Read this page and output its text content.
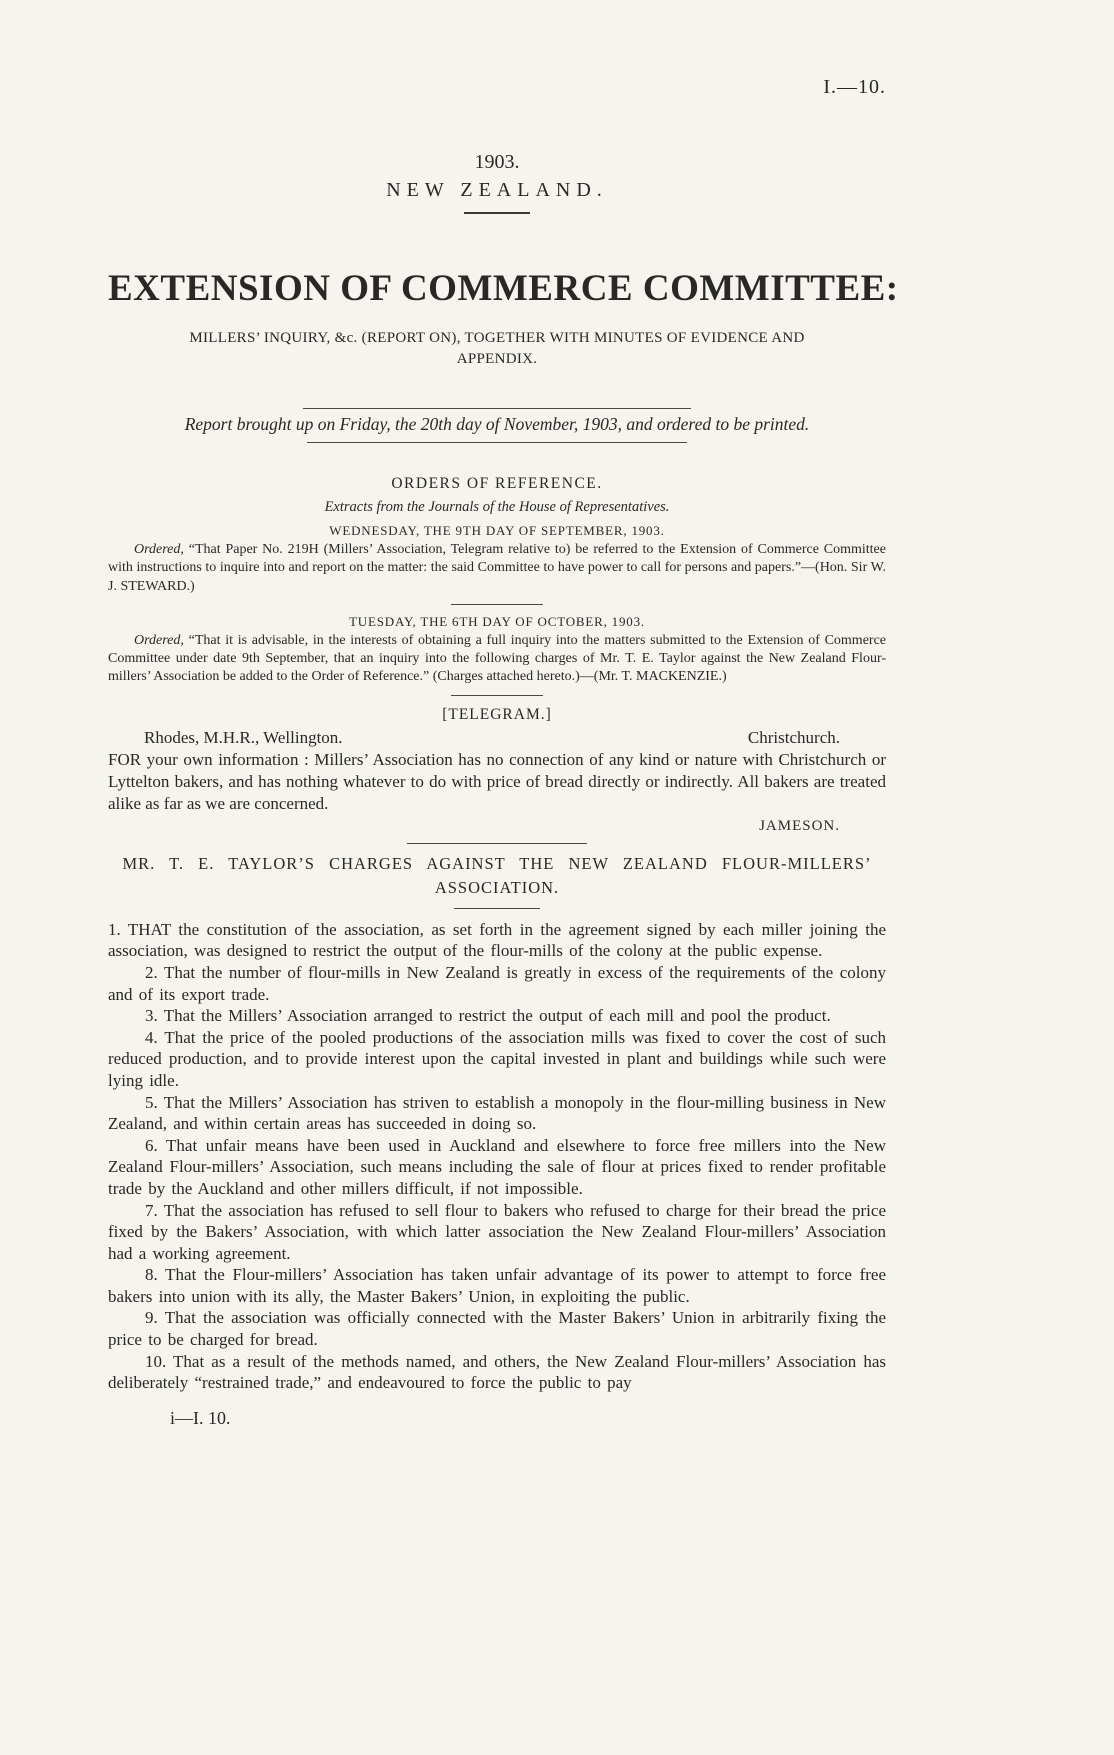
I.—10.
1903.
NEW ZEALAND.
EXTENSION OF COMMERCE COMMITTEE:
MILLERS’ INQUIRY, &c. (REPORT ON), TOGETHER WITH MINUTES OF EVIDENCE AND APPENDIX.
Report brought up on Friday, the 20th day of November, 1903, and ordered to be printed.
ORDERS OF REFERENCE.
Extracts from the Journals of the House of Representatives.
WEDNESDAY, THE 9TH DAY OF SEPTEMBER, 1903.

Ordered, “That Paper No. 219H (Millers’ Association, Telegram relative to) be referred to the Extension of Commerce Committee with instructions to inquire into and report on the matter: the said Committee to have power to call for persons and papers.”—(Hon. Sir W. J. STEWARD.)

TUESDAY, THE 6TH DAY OF OCTOBER, 1903.

Ordered, “That it is advisable, in the interests of obtaining a full inquiry into the matters submitted to the Extension of Commerce Committee under date 9th September, that an inquiry into the following charges of Mr. T. E. Taylor against the New Zealand Flour-millers’ Association be added to the Order of Reference.” (Charges attached hereto.)—(Mr. T. MACKENZIE.)

[TELEGRAM.]
Rhodes, M.H.R., Wellington.	Christchurch.

FOR your own information : Millers’ Association has no connection of any kind or nature with Christchurch or Lyttelton bakers, and has nothing whatever to do with price of bread directly or indirectly. All bakers are treated alike as far as we are concerned.

JAMESON.
MR. T. E. TAYLOR’S CHARGES AGAINST THE NEW ZEALAND FLOUR-MILLERS’ ASSOCIATION.

1. THAT the constitution of the association, as set forth in the agreement signed by each miller joining the association, was designed to restrict the output of the flour-mills of the colony at the public expense.

2. That the number of flour-mills in New Zealand is greatly in excess of the requirements of the colony and of its export trade.

3. That the Millers’ Association arranged to restrict the output of each mill and pool the product.

4. That the price of the pooled productions of the association mills was fixed to cover the cost of such reduced production, and to provide interest upon the capital invested in plant and buildings while such were lying idle.

5. That the Millers’ Association has striven to establish a monopoly in the flour-milling business in New Zealand, and within certain areas has succeeded in doing so.

6. That unfair means have been used in Auckland and elsewhere to force free millers into the New Zealand Flour-millers’ Association, such means including the sale of flour at prices fixed to render profitable trade by the Auckland and other millers difficult, if not impossible.

7. That the association has refused to sell flour to bakers who refused to charge for their bread the price fixed by the Bakers’ Association, with which latter association the New Zealand Flour-millers’ Association had a working agreement.

8. That the Flour-millers’ Association has taken unfair advantage of its power to attempt to force free bakers into union with its ally, the Master Bakers’ Union, in exploiting the public.

9. That the association was officially connected with the Master Bakers’ Union in arbitrarily fixing the price to be charged for bread.

10. That as a result of the methods named, and others, the New Zealand Flour-millers’ Association has deliberately “restrained trade,” and endeavoured to force the public to pay

i—I. 10.
